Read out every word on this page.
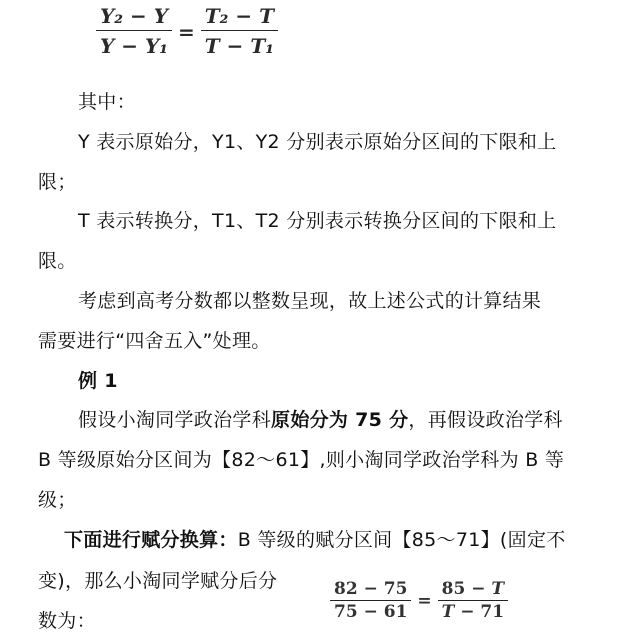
$\frac{\text{Y₂ − Y}}{\text{Y − Y₁}} = \frac{\text{T₂ − T}}{\text{T − T₁}}$
其中：
Y 表示原始分，Y1、Y2 分别表示原始分区间的下限和上
限；
T 表示转换分，T1、T2 分别表示转换分区间的下限和上
限。
考虑到高考分数都以整数呈现，故上述公式的计算结果
需要进行“四舍五入”处理。
例 1
假设小淘同学政治学科原始分为 75 分，再假设政治学科
B 等级原始分区间为【82～61】,则小淘同学政治学科为 B 等
级；
下面进行赋分换算：B 等级的赋分区间【85～71】(固定不
变)，那么小淘同学赋分后分
数为：	$\frac{82 - 75}{75 - 61} = \frac{85 - T}{T - 71}$
